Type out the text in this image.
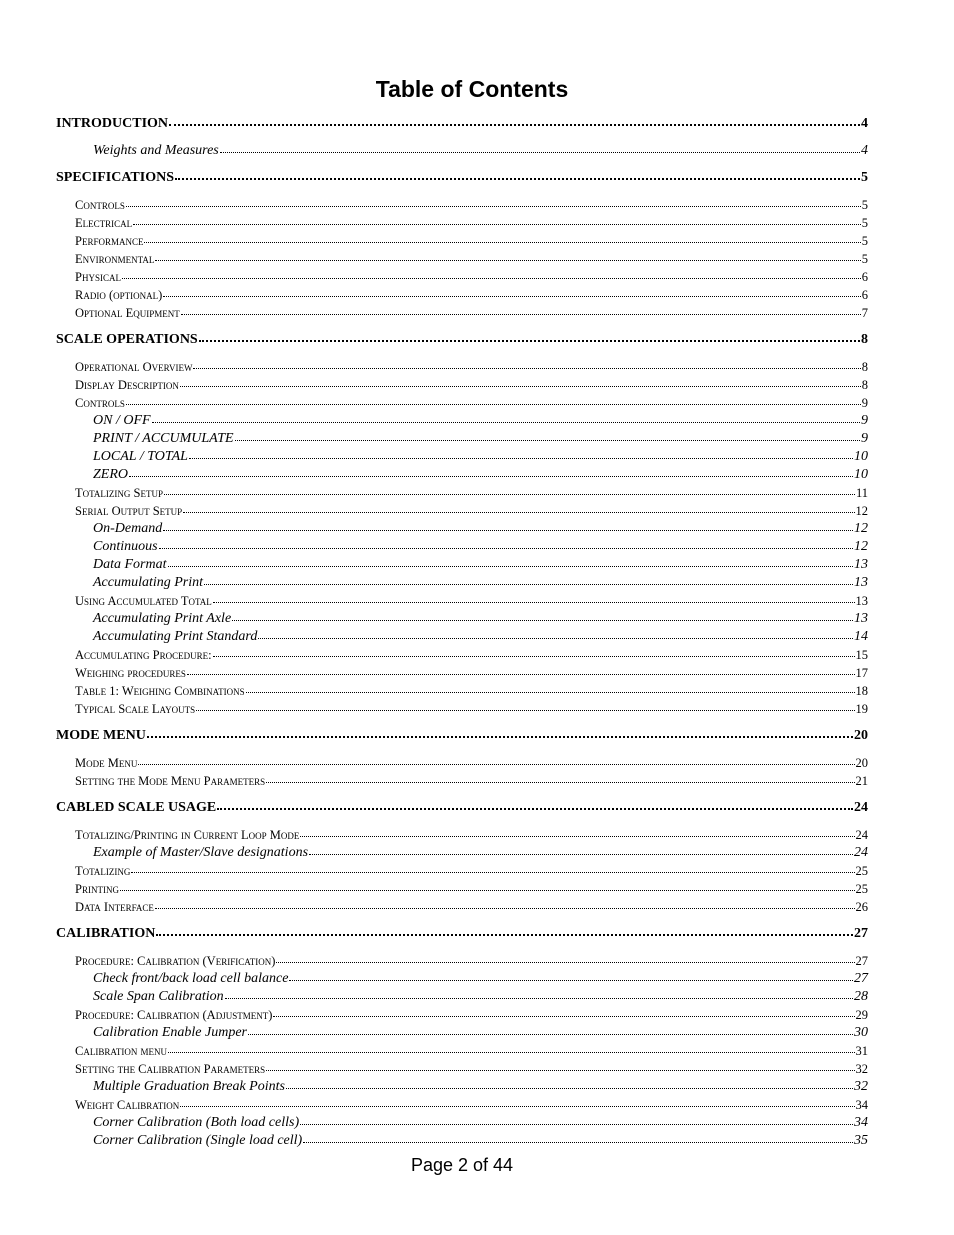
Table of Contents
INTRODUCTION	4
Weights and Measures	4
SPECIFICATIONS	5
Controls	5
Electrical	5
Performance	5
Environmental	5
Physical	6
Radio (optional)	6
Optional Equipment	7
SCALE OPERATIONS	8
Operational Overview	8
Display Description	8
Controls	9
ON / OFF	9
PRINT / ACCUMULATE	9
LOCAL / TOTAL	10
ZERO	10
Totalizing Setup	11
Serial Output Setup	12
On-Demand	12
Continuous	12
Data Format	13
Accumulating Print	13
Using Accumulated Total	13
Accumulating Print Axle	13
Accumulating Print Standard	14
Accumulating Procedure:	15
Weighing procedures	17
Table 1: Weighing Combinations	18
Typical Scale Layouts	19
MODE MENU	20
Mode Menu	20
Setting the Mode Menu Parameters	21
CABLED SCALE USAGE	24
Totalizing/Printing in Current Loop Mode	24
Example of Master/Slave designations	24
Totalizing	25
Printing	25
Data Interface	26
CALIBRATION	27
Procedure: Calibration (Verification)	27
Check front/back load cell balance	27
Scale Span Calibration	28
Procedure: Calibration (Adjustment)	29
Calibration Enable Jumper	30
Calibration menu	31
Setting the Calibration Parameters	32
Multiple Graduation Break Points	32
Weight Calibration	34
Corner Calibration (Both load cells)	34
Corner Calibration (Single load cell)	35
Page 2 of 44
